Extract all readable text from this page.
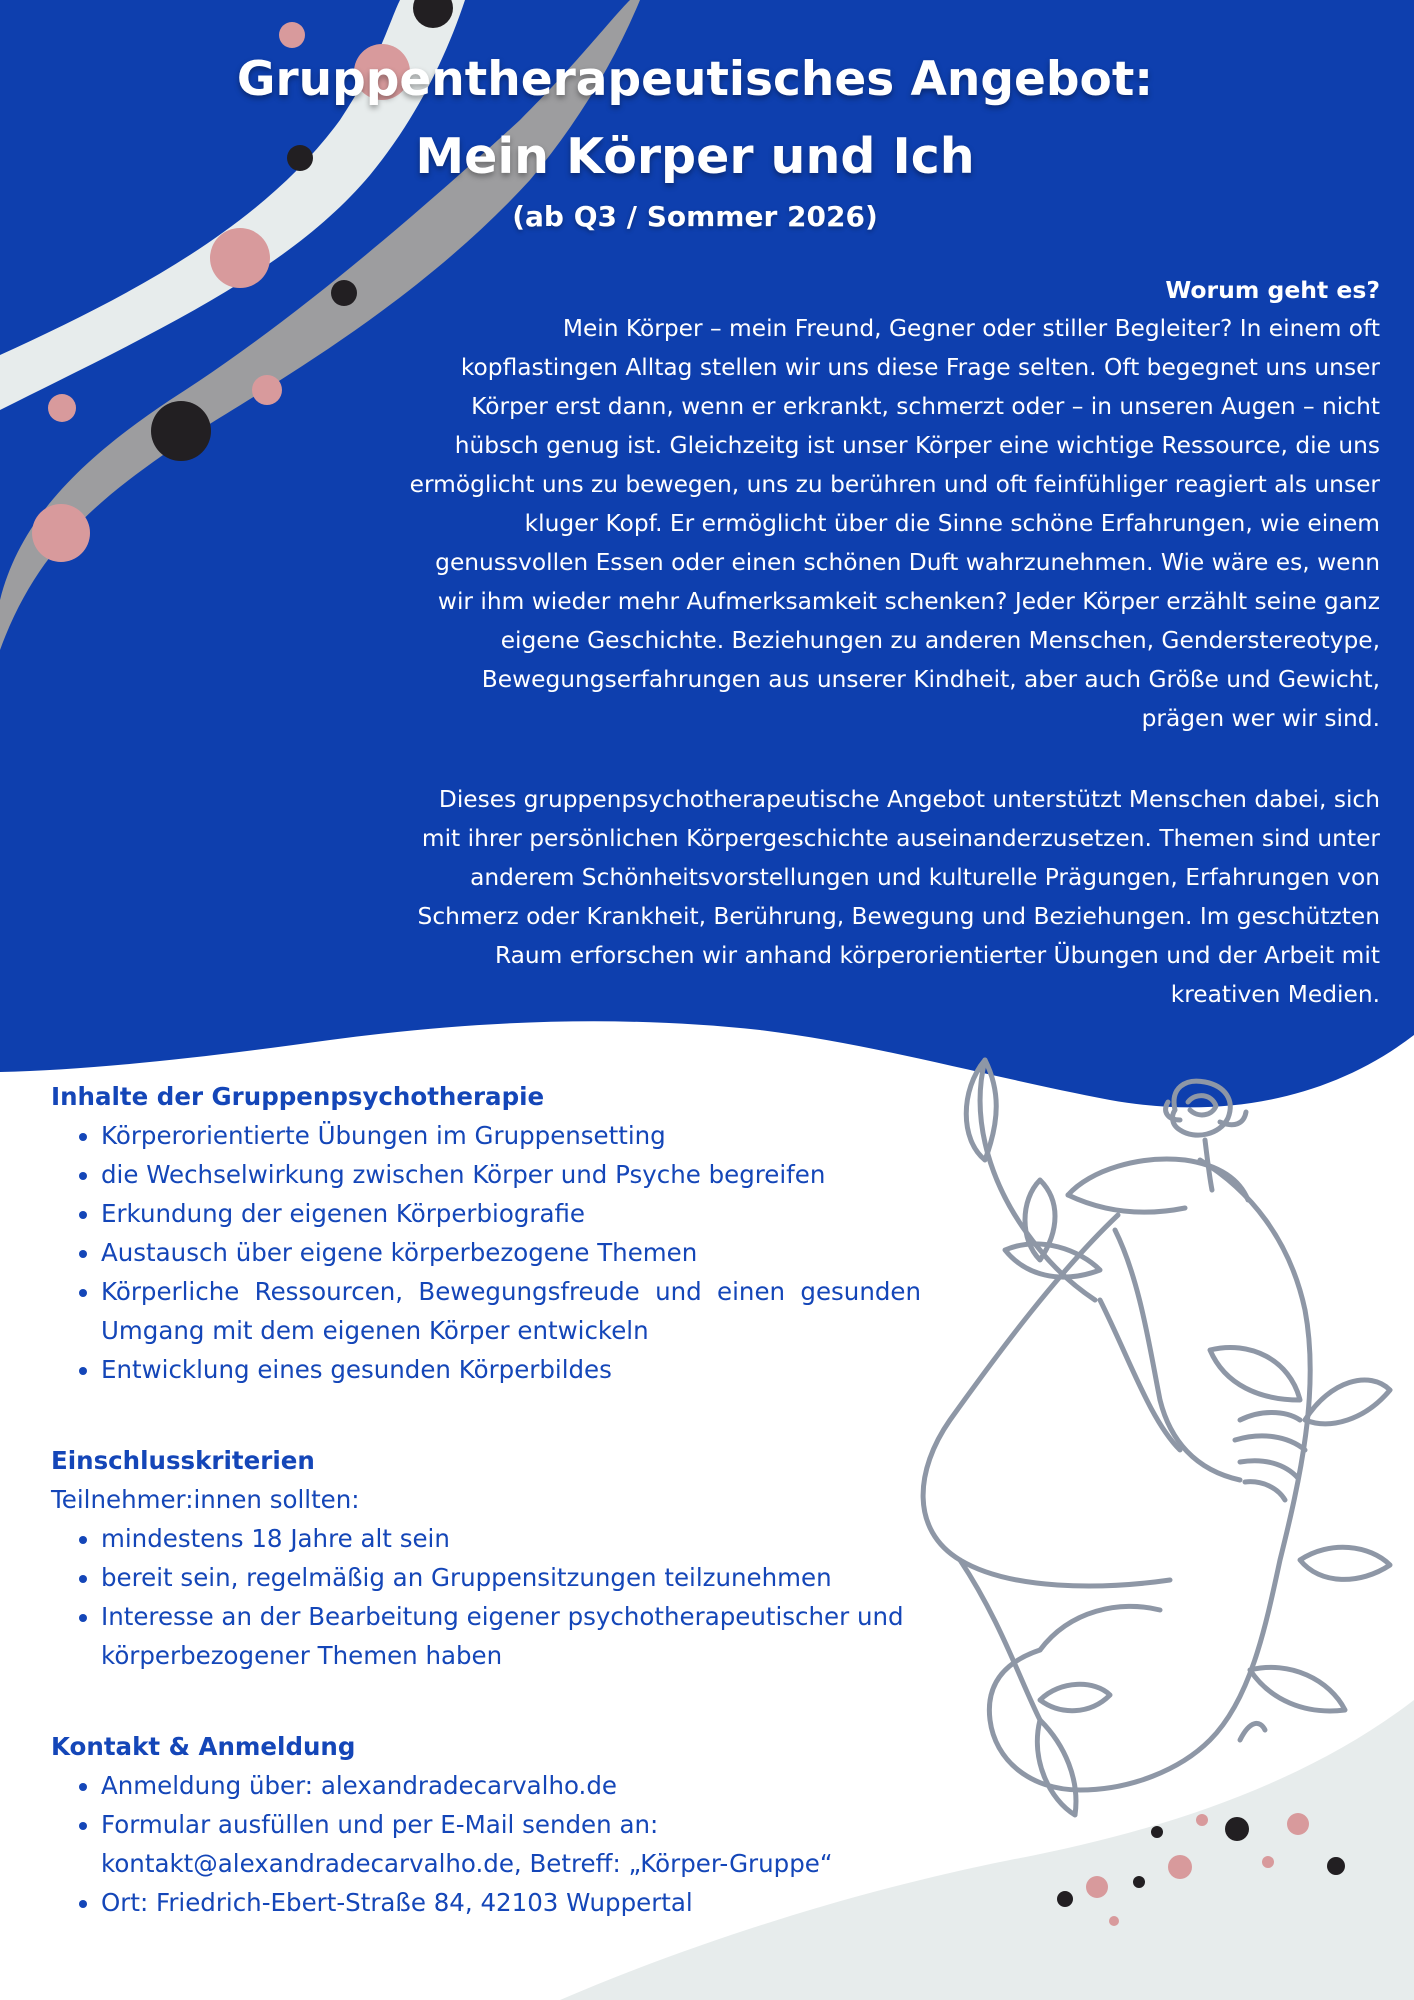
Gruppentherapeutisches Angebot:
Mein Körper und Ich
(ab Q3 / Sommer 2026)
Worum geht es?

Mein Körper – mein Freund, Gegner oder stiller Begleiter? In einem oft kopflastingen Alltag stellen wir uns diese Frage selten. Oft begegnet uns unser Körper erst dann, wenn er erkrankt, schmerzt oder – in unseren Augen – nicht hübsch genug ist. Gleichzeitg ist unser Körper eine wichtige Ressource, die uns ermöglicht uns zu bewegen, uns zu berühren und oft feinfühliger reagiert als unser kluger Kopf. Er ermöglicht über die Sinne schöne Erfahrungen, wie einem genussvollen Essen oder einen schönen Duft wahrzunehmen. Wie wäre es, wenn wir ihm wieder mehr Aufmerksamkeit schenken? Jeder Körper erzählt seine ganz eigene Geschichte. Beziehungen zu anderen Menschen, Genderstereotype, Bewegungserfahrungen aus unserer Kindheit, aber auch Größe und Gewicht, prägen wer wir sind.

Dieses gruppenpsychotherapeutische Angebot unterstützt Menschen dabei, sich mit ihrer persönlichen Körpergeschichte auseinanderzusetzen. Themen sind unter anderem Schönheitsvorstellungen und kulturelle Prägungen, Erfahrungen von Schmerz oder Krankheit, Berührung, Bewegung und Beziehungen. Im geschützten Raum erforschen wir anhand körperorientierter Übungen und der Arbeit mit kreativen Medien.

Inhalte der Gruppenpsychotherapie
• Körperorientierte Übungen im Gruppensetting
• die Wechselwirkung zwischen Körper und Psyche begreifen
• Erkundung der eigenen Körperbiografie
• Austausch über eigene körperbezogene Themen
• Körperliche Ressourcen, Bewegungsfreude und einen gesunden Umgang mit dem eigenen Körper entwickeln
• Entwicklung eines gesunden Körperbildes
Einschlusskriterien

Teilnehmer:innen sollten:

• mindestens 18 Jahre alt sein
• bereit sein, regelmäßig an Gruppensitzungen teilzunehmen
• Interesse an der Bearbeitung eigener psychotherapeutischer und körperbezogener Themen haben
Kontakt & Anmeldung
• Anmeldung über: alexandradecarvalho.de
• Formular ausfüllen und per E-Mail senden an: kontakt@alexandradecarvalho.de, Betreff: „Körper-Gruppe“
• Ort: Friedrich-Ebert-Straße 84, 42103 Wuppertal
